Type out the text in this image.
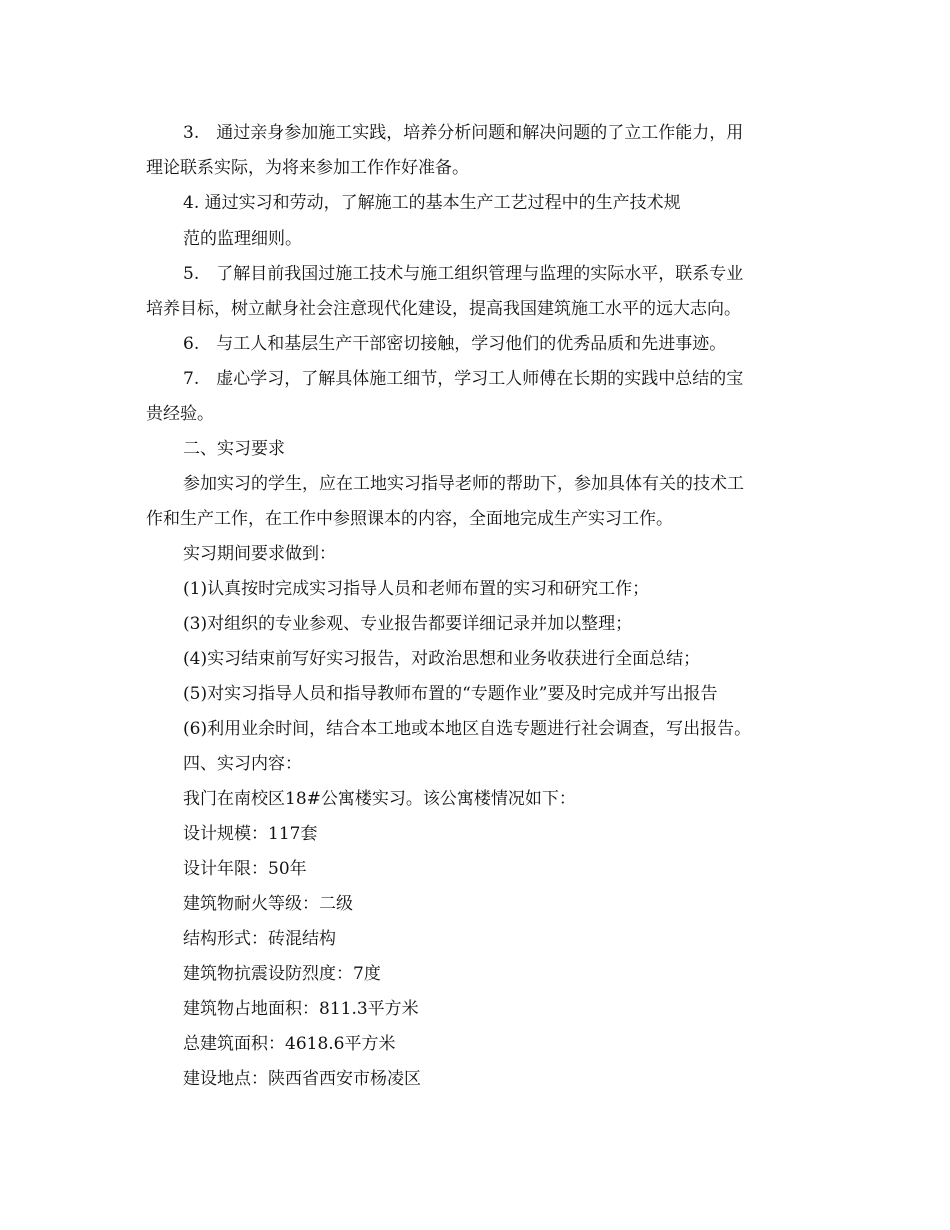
3.　通过亲身参加施工实践，培养分析问题和解决问题的了立工作能力，用
理论联系实际，为将来参加工作作好准备。
4. 通过实习和劳动，了解施工的基本生产工艺过程中的生产技术规
范的监理细则。
5.　了解目前我国过施工技术与施工组织管理与监理的实际水平，联系专业
培养目标，树立献身社会注意现代化建设，提高我国建筑施工水平的远大志向。
6.　与工人和基层生产干部密切接触，学习他们的优秀品质和先进事迹。
7.　虚心学习，了解具体施工细节，学习工人师傅在长期的实践中总结的宝
贵经验。
二、实习要求
参加实习的学生，应在工地实习指导老师的帮助下，参加具体有关的技术工
作和生产工作，在工作中参照课本的内容，全面地完成生产实习工作。
实习期间要求做到：
(1)认真按时完成实习指导人员和老师布置的实习和研究工作；
(3)对组织的专业参观、专业报告都要详细记录并加以整理；
(4)实习结束前写好实习报告，对政治思想和业务收获进行全面总结；
(5)对实习指导人员和指导教师布置的“专题作业”要及时完成并写出报告
(6)利用业余时间，结合本工地或本地区自选专题进行社会调查，写出报告。
四、实习内容：
我门在南校区18#公寓楼实习。该公寓楼情况如下：
设计规模：117套
设计年限：50年
建筑物耐火等级：二级
结构形式：砖混结构
建筑物抗震设防烈度：7度
建筑物占地面积：811.3平方米
总建筑面积：4618.6平方米
建设地点：陕西省西安市杨凌区
